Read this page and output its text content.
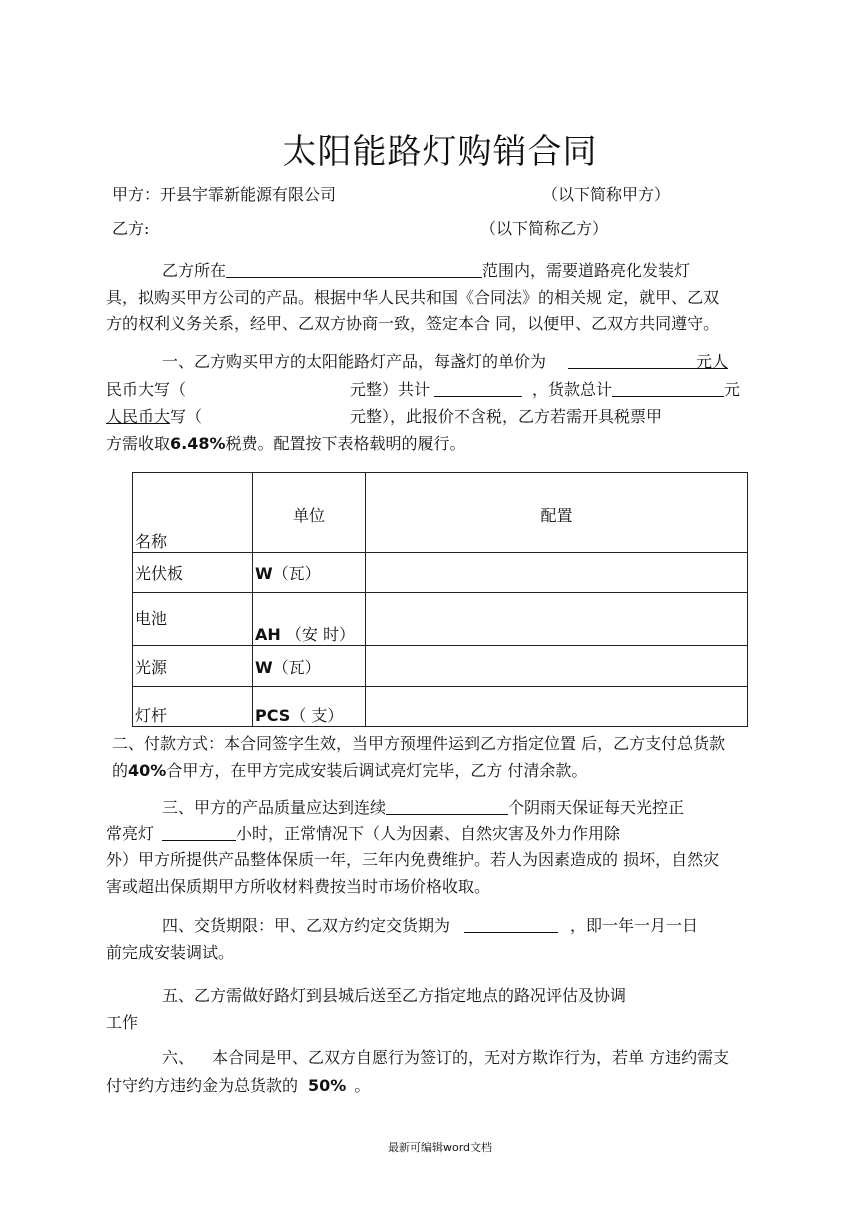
太阳能路灯购销合同
甲方：开县宇霏新能源有限公司	（以下简称甲方）
乙方:	（以下简称乙方）
乙方所在	范围内，需要道路亮化发装灯
具，拟购买甲方公司的产品。根据中华人民共和国《合同法》的相关规 定，就甲、乙双
方的权利义务关系，经甲、乙双方协商一致，签定本合 同，以便甲、乙双方共同遵守。
一、乙方购买甲方的太阳能路灯产品，每盏灯的单价为	元人
民币大写（	元整）共计	，货款总计	元
人民币大写（	元整），此报价不含税，乙方若需开具税票甲
方需收取6.48%税费。配置按下表格载明的履行。
名称	单位	配置
光伏板	W（瓦）	
电池	AH （安 时）	
光源	W（瓦）	
灯杆	PCS（ 支）	
二、付款方式：本合同签字生效，当甲方预埋件运到乙方指定位置 后，乙方支付总货款
的40%合甲方，在甲方完成安装后调试亮灯完毕，乙方 付清余款。
三、甲方的产品质量应达到连续	个阴雨天保证每天光控正
常亮灯	小时，正常情况下（人为因素、自然灾害及外力作用除
外）甲方所提供产品整体保质一年，三年内免费维护。若人为因素造成的 损坏，自然灾
害或超出保质期甲方所收材料费按当时市场价格收取。
四、交货期限：甲、乙双方约定交货期为	，即一年一月一日
前完成安装调试。
五、乙方需做好路灯到县城后送至乙方指定地点的路况评估及协调
工作
六、 本合同是甲、乙双方自愿行为签订的，无对方欺诈行为，若单 方违约需支
付守约方违约金为总货款的 50% 。
最新可编辑word文档
